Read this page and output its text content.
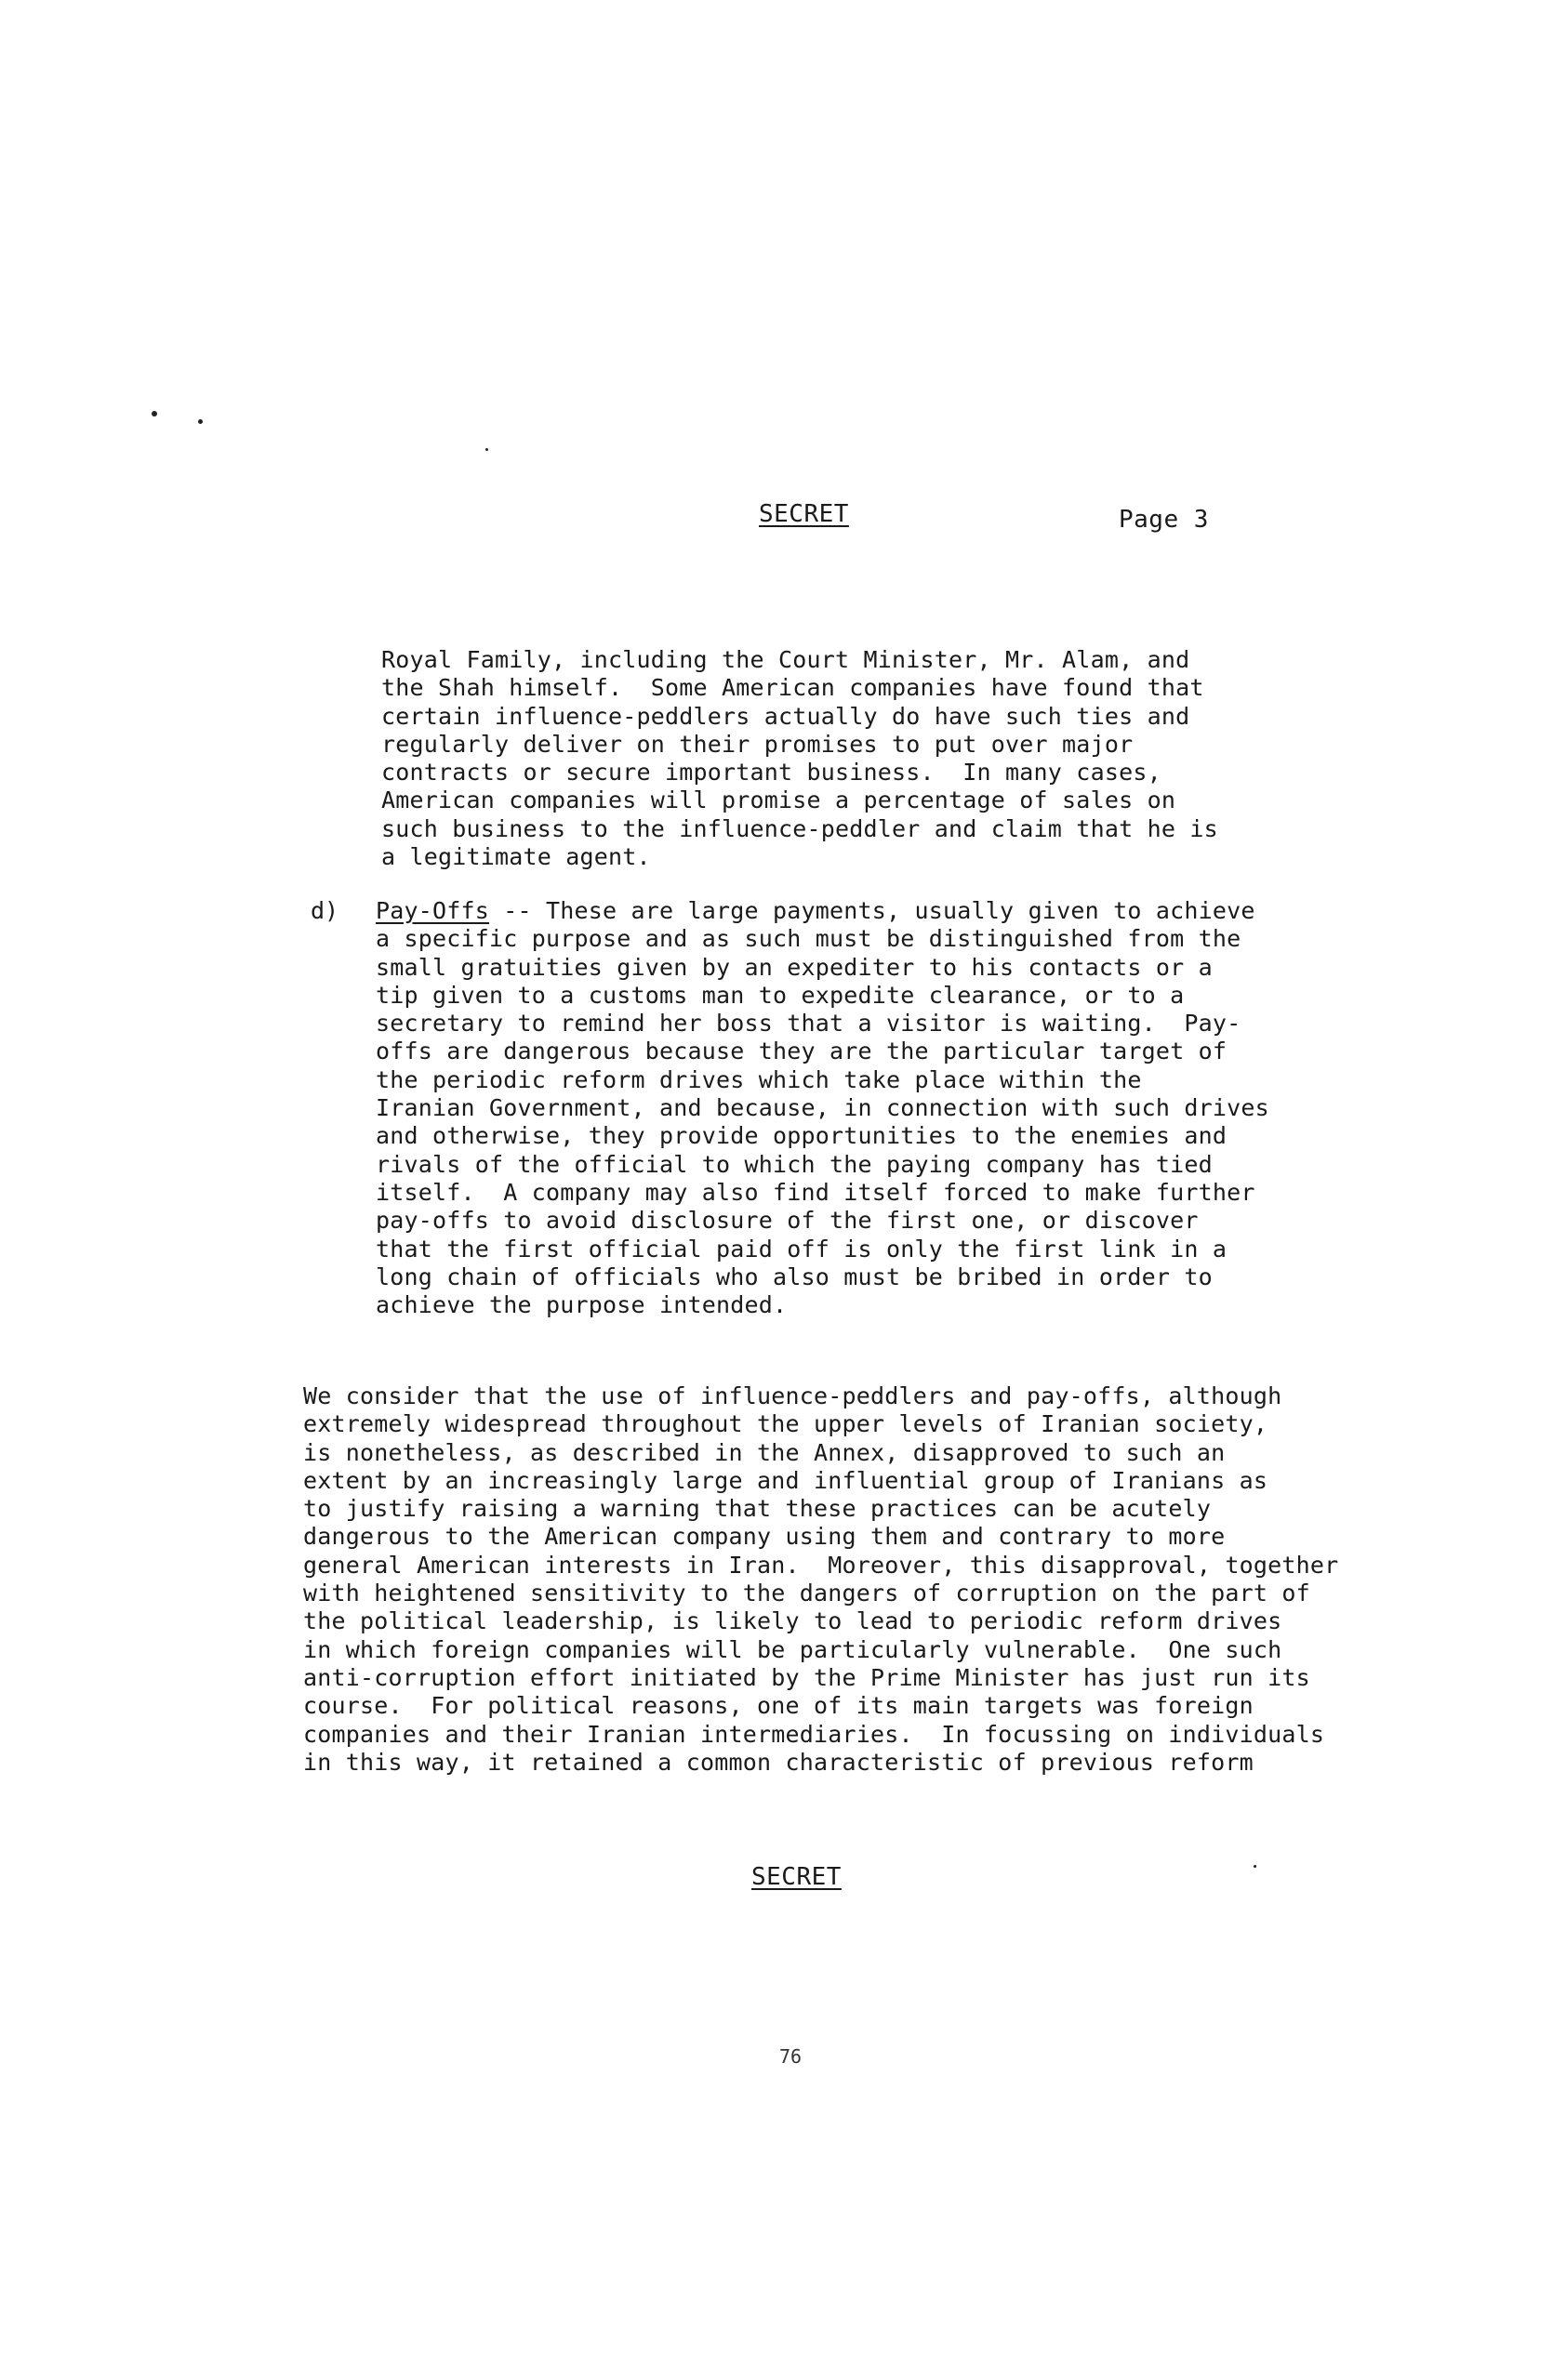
SECRET	Page 3
Royal Family, including the Court Minister, Mr. Alam, and
the Shah himself.  Some American companies have found that
certain influence-peddlers actually do have such ties and
regularly deliver on their promises to put over major
contracts or secure important business.  In many cases,
American companies will promise a percentage of sales on
such business to the influence-peddler and claim that he is
a legitimate agent.
d) Pay-Offs -- These are large payments, usually given to achieve
a specific purpose and as such must be distinguished from the
small gratuities given by an expediter to his contacts or a
tip given to a customs man to expedite clearance, or to a
secretary to remind her boss that a visitor is waiting.  Pay-
offs are dangerous because they are the particular target of
the periodic reform drives which take place within the
Iranian Government, and because, in connection with such drives
and otherwise, they provide opportunities to the enemies and
rivals of the official to which the paying company has tied
itself.  A company may also find itself forced to make further
pay-offs to avoid disclosure of the first one, or discover
that the first official paid off is only the first link in a
long chain of officials who also must be bribed in order to
achieve the purpose intended.
We consider that the use of influence-peddlers and pay-offs, although
extremely widespread throughout the upper levels of Iranian society,
is nonetheless, as described in the Annex, disapproved to such an
extent by an increasingly large and influential group of Iranians as
to justify raising a warning that these practices can be acutely
dangerous to the American company using them and contrary to more
general American interests in Iran.  Moreover, this disapproval, together
with heightened sensitivity to the dangers of corruption on the part of
the political leadership, is likely to lead to periodic reform drives
in which foreign companies will be particularly vulnerable.  One such
anti-corruption effort initiated by the Prime Minister has just run its
course.  For political reasons, one of its main targets was foreign
companies and their Iranian intermediaries.  In focussing on individuals
in this way, it retained a common characteristic of previous reform
SECRET
76
